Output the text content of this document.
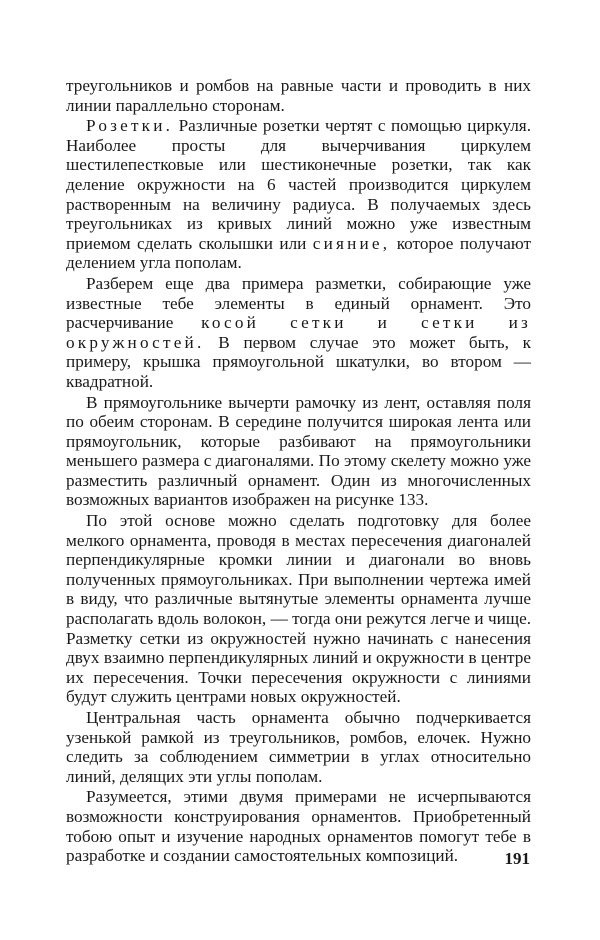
треугольников и ромбов на равные части и проводить в них линии параллельно сторонам.

Розетки. Различные розетки чертят с помощью циркуля. Наиболее просты для вычерчивания циркулем шестилепестковые или шестиконечные розетки, так как деление окружности на 6 частей производится циркулем растворенным на величину радиуса. В получаемых здесь треугольниках из кривых линий можно уже известным приемом сделать сколышки или сияние, которое получают делением угла пополам.

Разберем еще два примера разметки, собирающие уже известные тебе элементы в единый орнамент. Это расчерчивание косой сетки и сетки из окружностей. В первом случае это может быть, к примеру, крышка прямоугольной шкатулки, во втором — квадратной.

В прямоугольнике вычерти рамочку из лент, оставляя поля по обеим сторонам. В середине получится широкая лента или прямоугольник, которые разбивают на прямоугольники меньшего размера с диагоналями. По этому скелету можно уже разместить различный орнамент. Один из многочисленных возможных вариантов изображен на рисунке 133.

По этой основе можно сделать подготовку для более мелкого орнамента, проводя в местах пересечения диагоналей перпендикулярные кромки линии и диагонали во вновь полученных прямоугольниках. При выполнении чертежа имей в виду, что различные вытянутые элементы орнамента лучше располагать вдоль волокон, — тогда они режутся легче и чище. Разметку сетки из окружностей нужно начинать с нанесения двух взаимно перпендикулярных линий и окружности в центре их пересечения. Точки пересечения окружности с линиями будут служить центрами новых окружностей.

Центральная часть орнамента обычно подчеркивается узенькой рамкой из треугольников, ромбов, елочек. Нужно следить за соблюдением симметрии в углах относительно линий, делящих эти углы пополам.

Разумеется, этими двумя примерами не исчерпываются возможности конструирования орнаментов. Приобретенный тобою опыт и изучение народных орнаментов помогут тебе в разработке и создании самостоятельных композиций.	191
